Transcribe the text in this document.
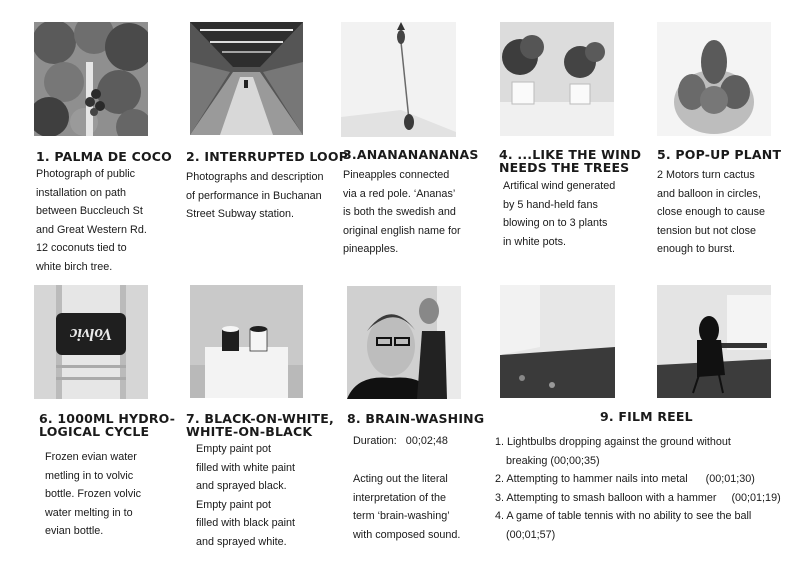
Volvic
1. PALMA DE COCO
Photograph of public
installation on path
between Buccleuch St
and Great Western Rd.
12 coconuts tied to
white birch tree.
2. INTERRUPTED LOOP
Photographs and description
of performance in Buchanan
Street Subway station.
3.ANANANANANAS
Pineapples connected
via a red pole. ‘Ananas’
is both the swedish and
original english name for
pineapples.
4. ...LIKE THE WIND
NEEDS THE TREES
Artifical wind generated
by 5 hand-held fans
blowing on to 3 plants
in white pots.
5. POP-UP PLANT
2 Motors turn cactus
and balloon in circles,
close enough to cause
tension but not close
enough to burst.
6. 1000ML HYDRO-
LOGICAL CYCLE
Frozen evian water
metling in to volvic
bottle. Frozen volvic
water melting in to
evian bottle.
7. BLACK-ON-WHITE,
WHITE-ON-BLACK
Empty paint pot
filled with white paint
and sprayed black.
Empty paint pot
filled with black paint
and sprayed white.
8. BRAIN-WASHING
Duration:   00;02;48
Acting out the literal
interpretation of the
term ‘brain-washing’
with composed sound.
9. FILM REEL
1. Lightbulbs dropping against the ground without breaking (00;00;35)
2. Attempting to hammer nails into metal      (00;01;30)
3. Attempting to smash balloon with a hammer     (00;01;19)
4. A game of table tennis with no ability to see the ball (00;01;57)
